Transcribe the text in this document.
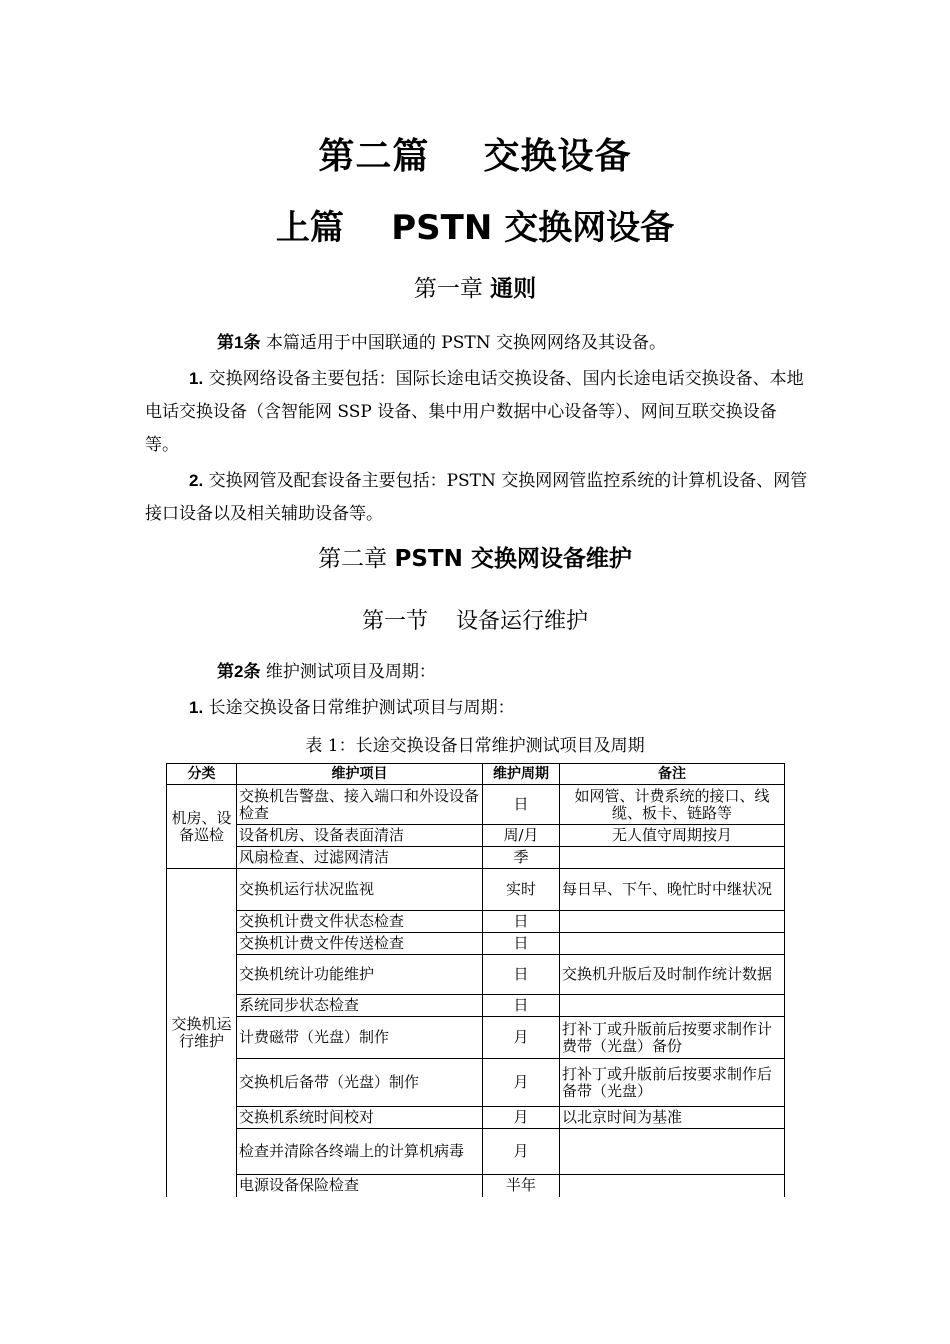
第二篇    交换设备
上篇    PSTN 交换网设备
第一章 通则
第1条 本篇适用于中国联通的 PSTN 交换网网络及其设备。
1. 交换网络设备主要包括：国际长途电话交换设备、国内长途电话交换设备、本地电话交换设备（含智能网 SSP 设备、集中用户数据中心设备等）、网间互联交换设备等。
2. 交换网管及配套设备主要包括：PSTN 交换网网管监控系统的计算机设备、网管接口设备以及相关辅助设备等。
第二章 PSTN 交换网设备维护
第一节    设备运行维护
第2条 维护测试项目及周期：
1. 长途交换设备日常维护测试项目与周期：
表 1：长途交换设备日常维护测试项目及周期
分类	维护项目	维护周期	备注
机房、设 备巡检	交换机告警盘、接入端口和外设设备检查	日	如网管、计费系统的接口、线缆、板卡、链路等
	设备机房、设备表面清洁	周/月	无人值守周期按月
	风扇检查、过滤网清洁	季	
交换机运行维护	交换机运行状况监视	实时	每日早、下午、晚忙时中继状况
	交换机计费文件状态检查	日	
	交换机计费文件传送检查	日	
	交换机统计功能维护	日	交换机升版后及时制作统计数据
	系统同步状态检查	日	
	计费磁带（光盘）制作	月	打补丁或升版前后按要求制作计费带（光盘）备份
	交换机后备带（光盘）制作	月	打补丁或升版前后按要求制作后备带（光盘）
	交换机系统时间校对	月	以北京时间为基准
	检查并清除各终端上的计算机病毒	月	
	电源设备保险检查	半年	
